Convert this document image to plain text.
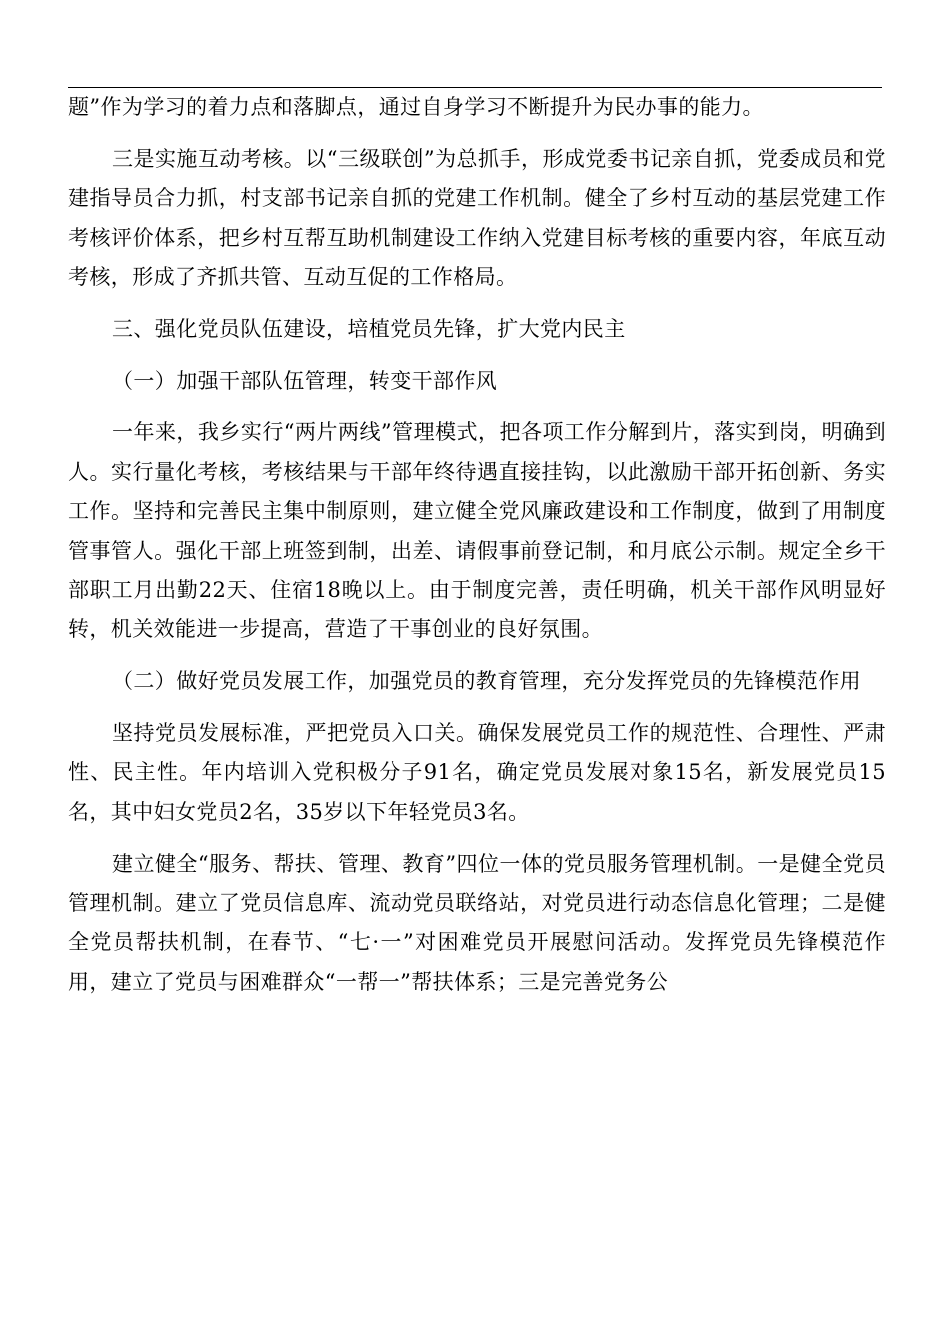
题”作为学习的着力点和落脚点，通过自身学习不断提升为民办事的能力。

三是实施互动考核。以“三级联创”为总抓手，形成党委书记亲自抓，党委成员和党建指导员合力抓，村支部书记亲自抓的党建工作机制。健全了乡村互动的基层党建工作考核评价体系，把乡村互帮互助机制建设工作纳入党建目标考核的重要内容，年底互动考核，形成了齐抓共管、互动互促的工作格局。

三、强化党员队伍建设，培植党员先锋，扩大党内民主

（一）加强干部队伍管理，转变干部作风

一年来，我乡实行“两片两线”管理模式，把各项工作分解到片，落实到岗，明确到人。实行量化考核，考核结果与干部年终待遇直接挂钩，以此激励干部开拓创新、务实工作。坚持和完善民主集中制原则，建立健全党风廉政建设和工作制度，做到了用制度管事管人。强化干部上班签到制，出差、请假事前登记制，和月底公示制。规定全乡干部职工月出勤22天、住宿18晚以上。由于制度完善，责任明确，机关干部作风明显好转，机关效能进一步提高，营造了干事创业的良好氛围。

（二）做好党员发展工作，加强党员的教育管理，充分发挥党员的先锋模范作用

坚持党员发展标准，严把党员入口关。确保发展党员工作的规范性、合理性、严肃性、民主性。年内培训入党积极分子91名，确定党员发展对象15名，新发展党员15名，其中妇女党员2名，35岁以下年轻党员3名。

建立健全“服务、帮扶、管理、教育”四位一体的党员服务管理机制。一是健全党员管理机制。建立了党员信息库、流动党员联络站，对党员进行动态信息化管理；二是健全党员帮扶机制，在春节、“七·一”对困难党员开展慰问活动。发挥党员先锋模范作用，建立了党员与困难群众“一帮一”帮扶体系；三是完善党务公
